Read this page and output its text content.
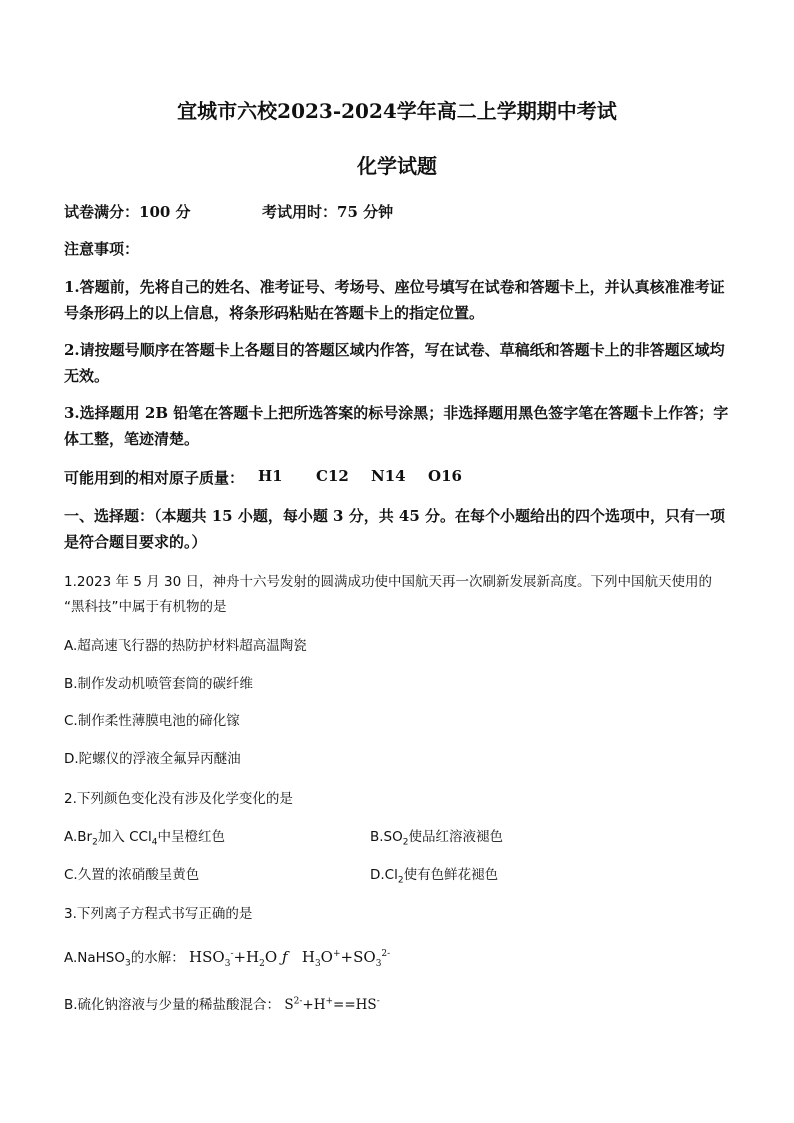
宜城市六校2023-2024学年高二上学期期中考试
化学试题
试卷满分：100 分	考试用时：75 分钟
注意事项：
1.答题前，先将自己的姓名、准考证号、考场号、座位号填写在试卷和答题卡上，并认真核准准考证号条形码上的以上信息，将条形码粘贴在答题卡上的指定位置。
2.请按题号顺序在答题卡上各题目的答题区域内作答，写在试卷、草稿纸和答题卡上的非答题区域均无效。
3.选择题用 2B 铅笔在答题卡上把所选答案的标号涂黑；非选择题用黑色签字笔在答题卡上作答；字体工整，笔迹清楚。
可能用到的相对原子质量： H1 C12 N14 O16
一、选择题：（本题共 15 小题，每小题 3 分，共 45 分。在每个小题给出的四个选项中，只有一项是符合题目要求的。）
1.2023 年 5 月 30 日，神舟十六号发射的圆满成功使中国航天再一次刷新发展新高度。下列中国航天使用的
“黑科技”中属于有机物的是
A.超高速飞行器的热防护材料超高温陶瓷
B.制作发动机喷管套筒的碳纤维
C.制作柔性薄膜电池的碲化镓
D.陀螺仪的浮液全氟异丙醚油
2.下列颜色变化没有涉及化学变化的是
$A.Br_2$加入 CCl$_4$中呈橙红色	$B.SO_2$使品红溶液褪色
C.久置的浓硝酸呈黄色	$D.Cl_2$使有色鲜花褪色
3.下列离子方程式书写正确的是
A.NaHSO$_3$的水解： $HSO_3^-+H_2O$ ƒ $H_3O^++SO_3^{2-}$
B.硫化钠溶液与少量的稀盐酸混合： $S^{2-}+H^+==HS^-$
